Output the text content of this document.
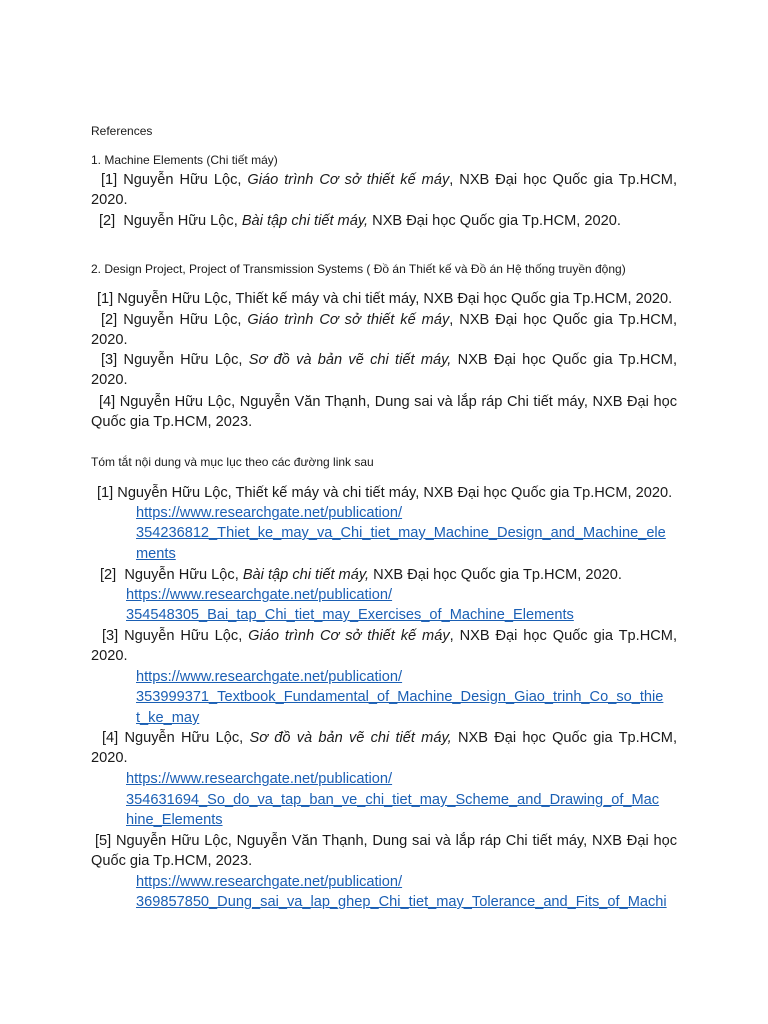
References
1. Machine Elements (Chi tiết máy)
[1] Nguyễn Hữu Lộc, Giáo trình Cơ sở thiết kế máy, NXB Đại học Quốc gia Tp.HCM,
2020.
[2] Nguyễn Hữu Lộc, Bài tập chi tiết máy, NXB Đại học Quốc gia Tp.HCM, 2020.
2. Design Project, Project of Transmission Systems ( Đồ án Thiết kế và Đồ án Hệ thống truyền động)
[1] Nguyễn Hữu Lộc, Thiết kế máy và chi tiết máy, NXB Đại học Quốc gia Tp.HCM, 2020.
[2] Nguyễn Hữu Lộc, Giáo trình Cơ sở thiết kế máy, NXB Đại học Quốc gia Tp.HCM,
2020.
[3] Nguyễn Hữu Lộc, Sơ đồ và bản vẽ chi tiết máy, NXB Đại học Quốc gia Tp.HCM,
2020.
[4] Nguyễn Hữu Lộc, Nguyễn Văn Thạnh, Dung sai và lắp ráp Chi tiết máy, NXB Đại học
Quốc gia Tp.HCM, 2023.
Tóm tắt nội dung và mục lục theo các đường link sau
[1] Nguyễn Hữu Lộc, Thiết kế máy và chi tiết máy, NXB Đại học Quốc gia Tp.HCM, 2020.
https://www.researchgate.net/publication/
354236812_Thiet_ke_may_va_Chi_tiet_may_Machine_Design_and_Machine_ele
ments
[2] Nguyễn Hữu Lộc, Bài tập chi tiết máy, NXB Đại học Quốc gia Tp.HCM, 2020.
https://www.researchgate.net/publication/
354548305_Bai_tap_Chi_tiet_may_Exercises_of_Machine_Elements
[3] Nguyễn Hữu Lộc, Giáo trình Cơ sở thiết kế máy, NXB Đại học Quốc gia Tp.HCM,
2020.
https://www.researchgate.net/publication/
353999371_Textbook_Fundamental_of_Machine_Design_Giao_trinh_Co_so_thie
t_ke_may
[4] Nguyễn Hữu Lộc, Sơ đồ và bản vẽ chi tiết máy, NXB Đại học Quốc gia Tp.HCM,
2020.
https://www.researchgate.net/publication/
354631694_So_do_va_tap_ban_ve_chi_tiet_may_Scheme_and_Drawing_of_Mac
hine_Elements
[5] Nguyễn Hữu Lộc, Nguyễn Văn Thạnh, Dung sai và lắp ráp Chi tiết máy, NXB Đại học
Quốc gia Tp.HCM, 2023.
https://www.researchgate.net/publication/
369857850_Dung_sai_va_lap_ghep_Chi_tiet_may_Tolerance_and_Fits_of_Machi
